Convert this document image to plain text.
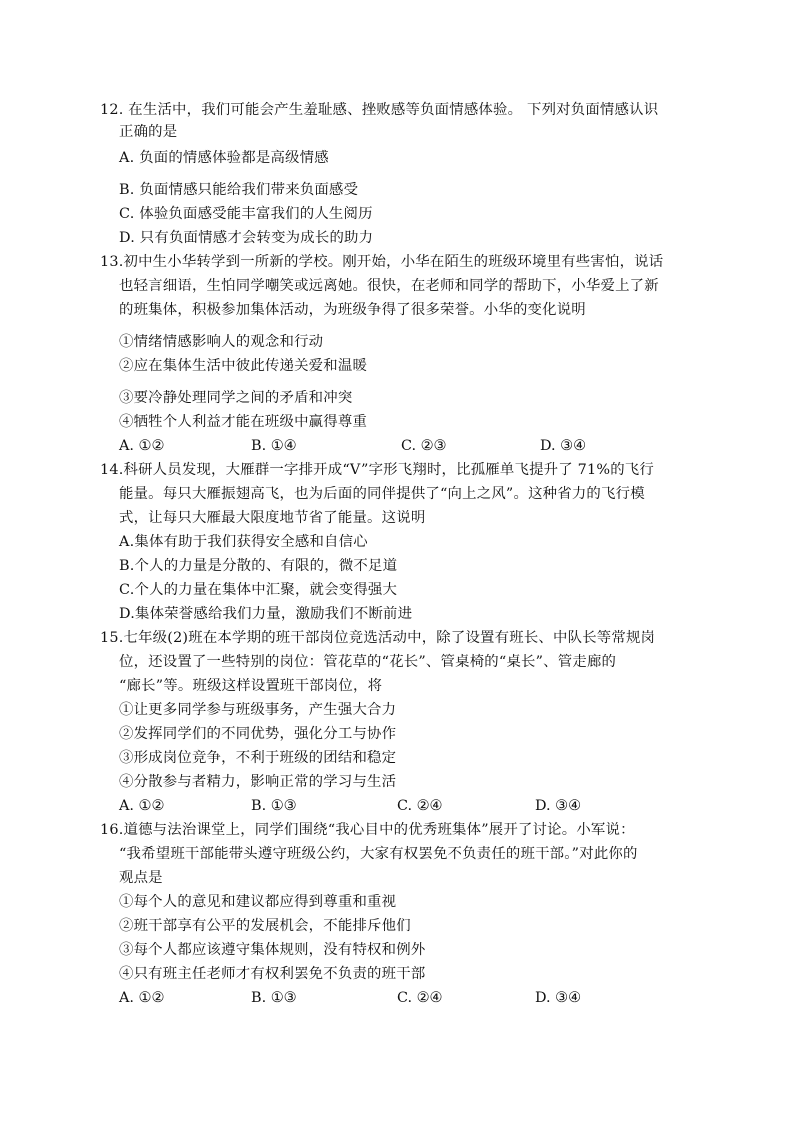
12. 在生活中，我们可能会产生羞耻感、挫败感等负面情感体验。 下列对负面情感认识
正确的是
A. 负面的情感体验都是高级情感
B. 负面情感只能给我们带来负面感受
C. 体验负面感受能丰富我们的人生阅历
D. 只有负面情感才会转变为成长的助力
13.初中生小华转学到一所新的学校。刚开始，小华在陌生的班级环境里有些害怕，说话
也轻言细语，生怕同学嘲笑或远离她。很快，在老师和同学的帮助下，小华爱上了新
的班集体，积极参加集体活动，为班级争得了很多荣誉。小华的变化说明
①情绪情感影响人的观念和行动
②应在集体生活中彼此传递关爱和温暖
③要冷静处理同学之间的矛盾和冲突
④牺牲个人利益才能在班级中赢得尊重
A. ①②	B. ①④	C. ②③	D. ③④
14.科研人员发现，大雁群一字排开成“V”字形飞翔时，比孤雁单飞提升了 71%的飞行
能量。每只大雁振翅高飞，也为后面的同伴提供了“向上之风”。这种省力的飞行模
式，让每只大雁最大限度地节省了能量。这说明
A.集体有助于我们获得安全感和自信心
B.个人的力量是分散的、有限的，微不足道
C.个人的力量在集体中汇聚，就会变得强大
D.集体荣誉感给我们力量，激励我们不断前进
15.七年级(2)班在本学期的班干部岗位竞选活动中，除了设置有班长、中队长等常规岗
位，还设置了一些特别的岗位：管花草的“花长”、管桌椅的“桌长”、管走廊的
“廊长”等。班级这样设置班干部岗位，将
①让更多同学参与班级事务，产生强大合力
②发挥同学们的不同优势，强化分工与协作
③形成岗位竞争，不利于班级的团结和稳定
④分散参与者精力，影响正常的学习与生活
A. ①②	B. ①③	C. ②④	D. ③④
16.道德与法治课堂上，同学们围绕“我心目中的优秀班集体”展开了讨论。小军说：
“我希望班干部能带头遵守班级公约，大家有权罢免不负责任的班干部。”对此你的
观点是
①每个人的意见和建议都应得到尊重和重视
②班干部享有公平的发展机会，不能排斥他们
③每个人都应该遵守集体规则，没有特权和例外
④只有班主任老师才有权利罢免不负责的班干部
A. ①②	B. ①③	C. ②④	D. ③④
